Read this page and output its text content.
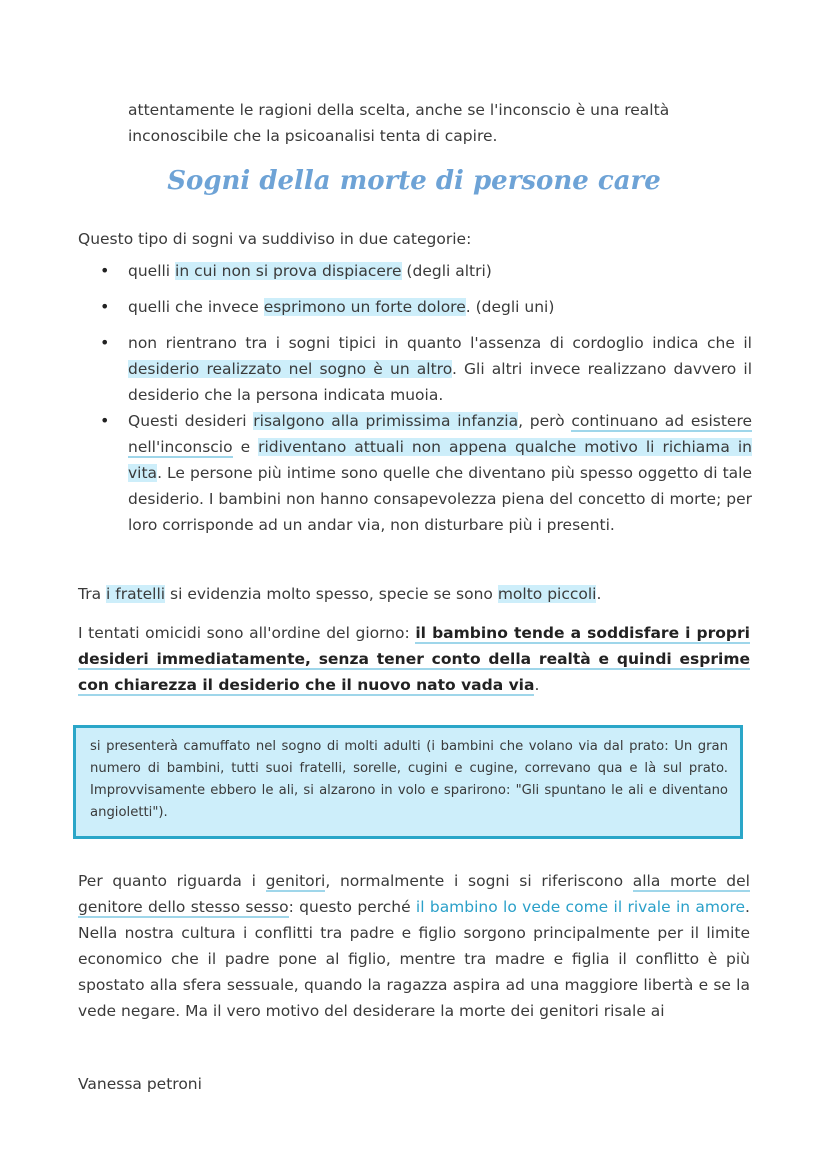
attentamente le ragioni della scelta, anche se l'inconscio è una realtà
inconoscibile che la psicoanalisi tenta di capire.
Sogni della morte di persone care
Questo tipo di sogni va suddiviso in due categorie:
• quelli in cui non si prova dispiacere (degli altri)
• quelli che invece esprimono un forte dolore. (degli uni)
• non rientrano tra i sogni tipici in quanto l'assenza di cordoglio indica che il desiderio realizzato nel sogno è un altro. Gli altri invece realizzano davvero il desiderio che la persona indicata muoia.
• Questi desideri risalgono alla primissima infanzia, però continuano ad esistere nell'inconscio e ridiventano attuali non appena qualche motivo li richiama in vita. Le persone più intime sono quelle che diventano più spesso oggetto di tale desiderio. I bambini non hanno consapevolezza piena del concetto di morte; per loro corrisponde ad un andar via, non disturbare più i presenti.
Tra i fratelli si evidenzia molto spesso, specie se sono molto piccoli.
I tentati omicidi sono all'ordine del giorno: il bambino tende a soddisfare i propri desideri immediatamente, senza tener conto della realtà e quindi esprime con chiarezza il desiderio che il nuovo nato vada via.
si presenterà camuffato nel sogno di molti adulti (i bambini che volano via dal prato: Un gran numero di bambini, tutti suoi fratelli, sorelle, cugini e cugine, correvano qua e là sul prato. Improvvisamente ebbero le ali, si alzarono in volo e sparirono: "Gli spuntano le ali e diventano angioletti").
Per quanto riguarda i genitori, normalmente i sogni si riferiscono alla morte del genitore dello stesso sesso: questo perché il bambino lo vede come il rivale in amore. Nella nostra cultura i conflitti tra padre e figlio sorgono principalmente per il limite economico che il padre pone al figlio, mentre tra madre e figlia il conflitto è più spostato alla sfera sessuale, quando la ragazza aspira ad una maggiore libertà e se la vede negare. Ma il vero motivo del desiderare la morte dei genitori risale ai
Vanessa petroni
